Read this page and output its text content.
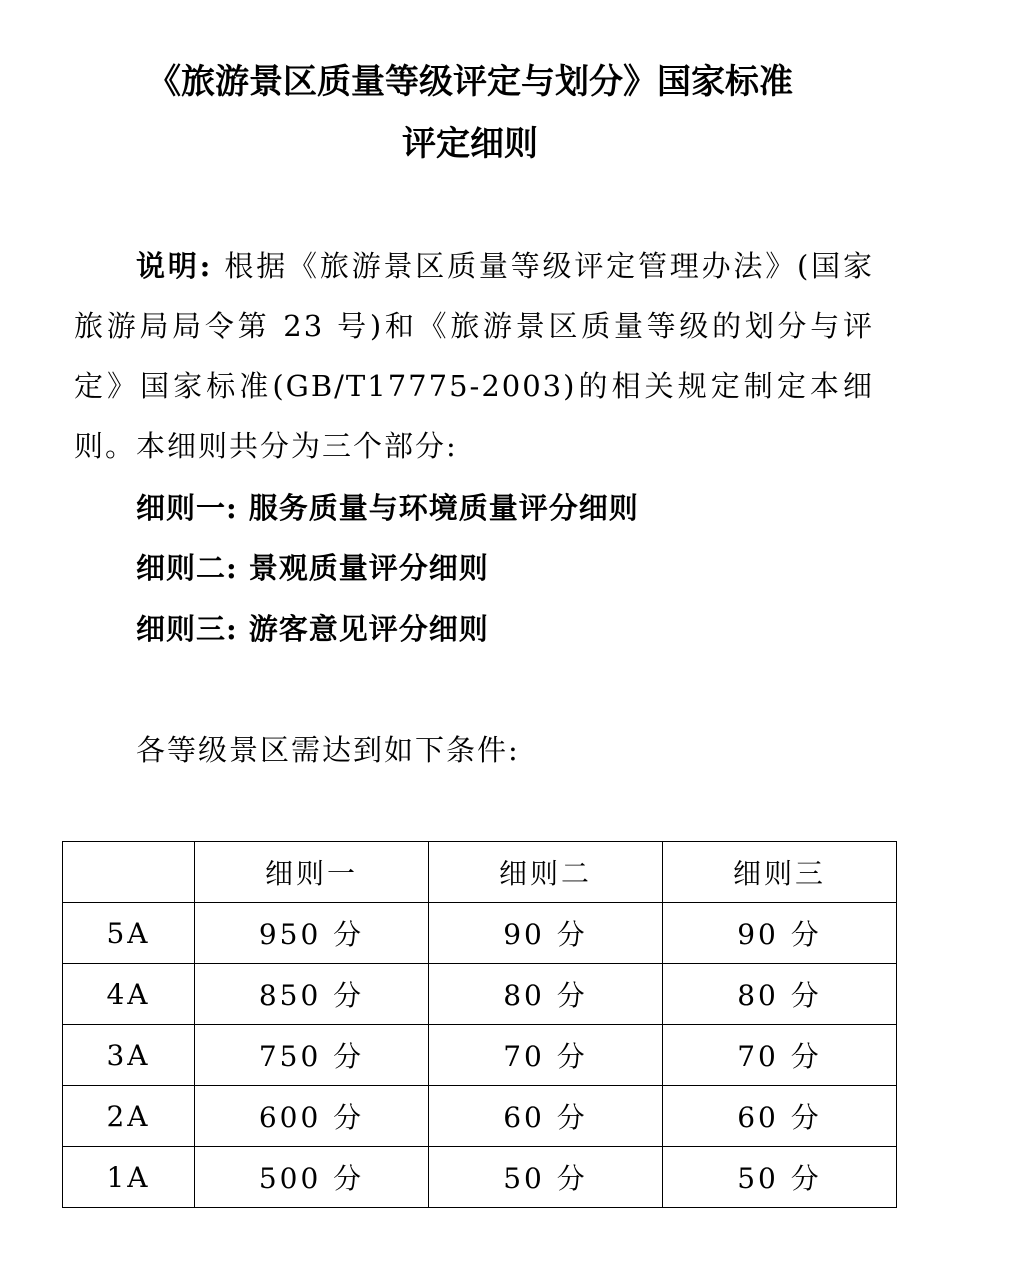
《旅游景区质量等级评定与划分》国家标准
评定细则
说明: 根据《旅游景区质量等级评定管理办法》(国家旅游局局令第 23 号)和《旅游景区质量等级的划分与评定》国家标准(GB/T17775-2003)的相关规定制定本细则。本细则共分为三个部分:
细则一: 服务质量与环境质量评分细则
细则二: 景观质量评分细则
细则三: 游客意见评分细则
各等级景区需达到如下条件:
	细则一	细则二	细则三
5A	950 分	90 分	90 分
4A	850 分	80 分	80 分
3A	750 分	70 分	70 分
2A	600 分	60 分	60 分
1A	500 分	50 分	50 分
